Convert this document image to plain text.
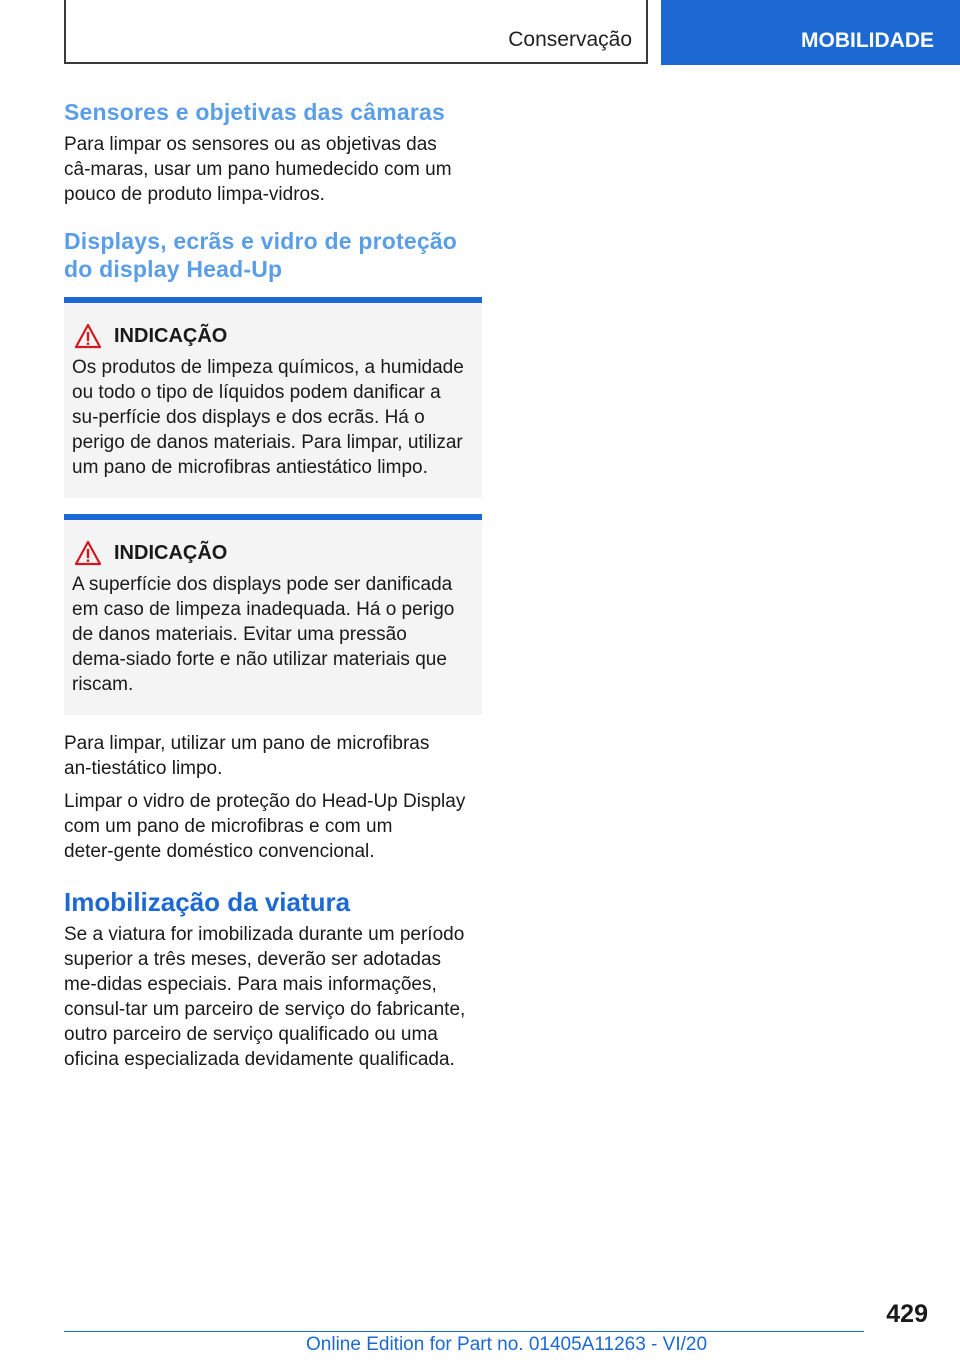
Conservação	MOBILIDADE
Sensores e objetivas das câmaras

Para limpar os sensores ou as objetivas das câ‑maras, usar um pano humedecido com um pouco de produto limpa‑vidros.

Displays, ecrãs e vidro de proteção do display Head‑Up
INDICAÇÃO

Os produtos de limpeza químicos, a humidade ou todo o tipo de líquidos podem danificar a su‑perfície dos displays e dos ecrãs. Há o perigo de danos materiais. Para limpar, utilizar um pano de microfibras antiestático limpo.

INDICAÇÃO

A superfície dos displays pode ser danificada em caso de limpeza inadequada. Há o perigo de danos materiais. Evitar uma pressão dema‑siado forte e não utilizar materiais que riscam.

Para limpar, utilizar um pano de microfibras an‑tiestático limpo.

Limpar o vidro de proteção do Head‑Up Display com um pano de microfibras e com um deter‑gente doméstico convencional.

Imobilização da viatura

Se a viatura for imobilizada durante um período superior a três meses, deverão ser adotadas me‑didas especiais. Para mais informações, consul‑tar um parceiro de serviço do fabricante, outro parceiro de serviço qualificado ou uma oficina especializada devidamente qualificada.

429
Online Edition for Part no. 01405A11263 - VI/20
